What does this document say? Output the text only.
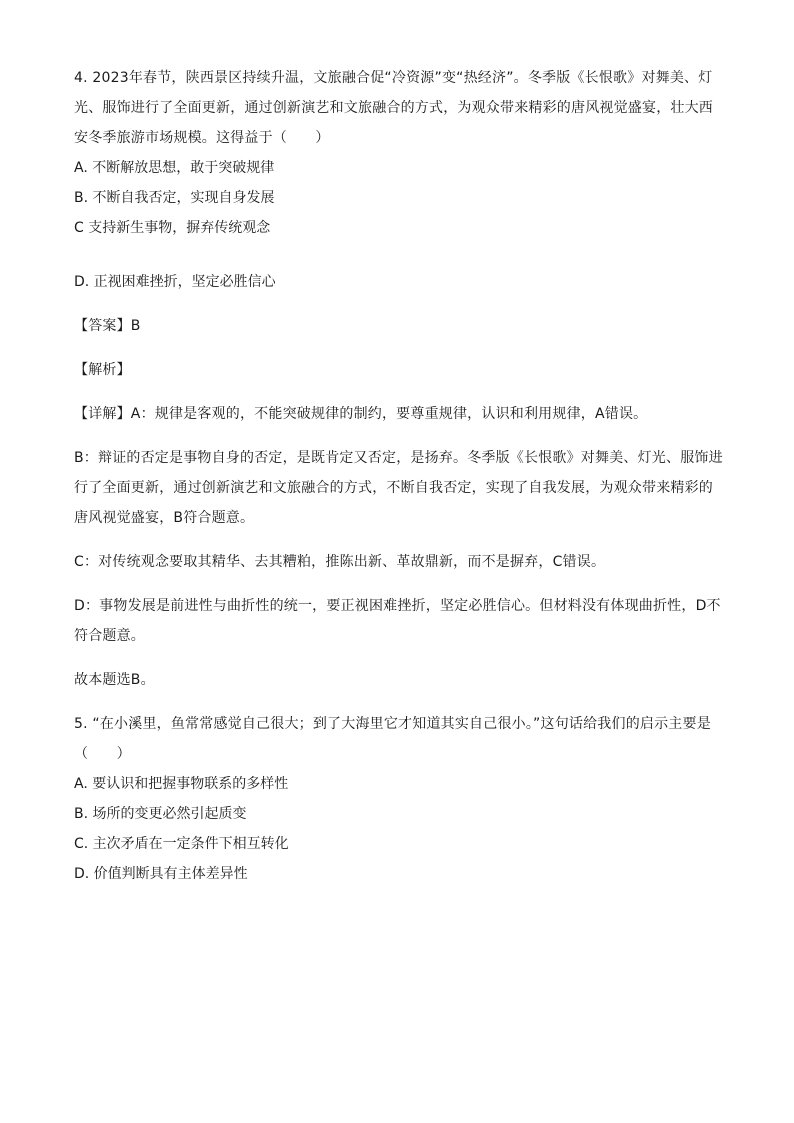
4. 2023年春节，陕西景区持续升温，文旅融合促“冷资源”变“热经济”。冬季版《长恨歌》对舞美、灯光、服饰进行了全面更新，通过创新演艺和文旅融合的方式，为观众带来精彩的唐风视觉盛宴，壮大西安冬季旅游市场规模。这得益于（　　）

A. 不断解放思想，敢于突破规律

B. 不断自我否定，实现自身发展

C 支持新生事物，摒弃传统观念

D. 正视困难挫折，坚定必胜信心

【答案】B

【解析】

【详解】A：规律是客观的，不能突破规律的制约，要尊重规律，认识和利用规律，A错误。

B：辩证的否定是事物自身的否定，是既肯定又否定，是扬弃。冬季版《长恨歌》对舞美、灯光、服饰进行了全面更新，通过创新演艺和文旅融合的方式，不断自我否定，实现了自我发展，为观众带来精彩的唐风视觉盛宴，B符合题意。

C：对传统观念要取其精华、去其糟粕，推陈出新、革故鼎新，而不是摒弃，C错误。

D：事物发展是前进性与曲折性的统一，要正视困难挫折，坚定必胜信心。但材料没有体现曲折性，D不符合题意。

故本题选B。

5. “在小溪里，鱼常常感觉自己很大；到了大海里它才知道其实自己很小。”这句话给我们的启示主要是（　　）

A. 要认识和把握事物联系的多样性

B. 场所的变更必然引起质变

C. 主次矛盾在一定条件下相互转化

D. 价值判断具有主体差异性
